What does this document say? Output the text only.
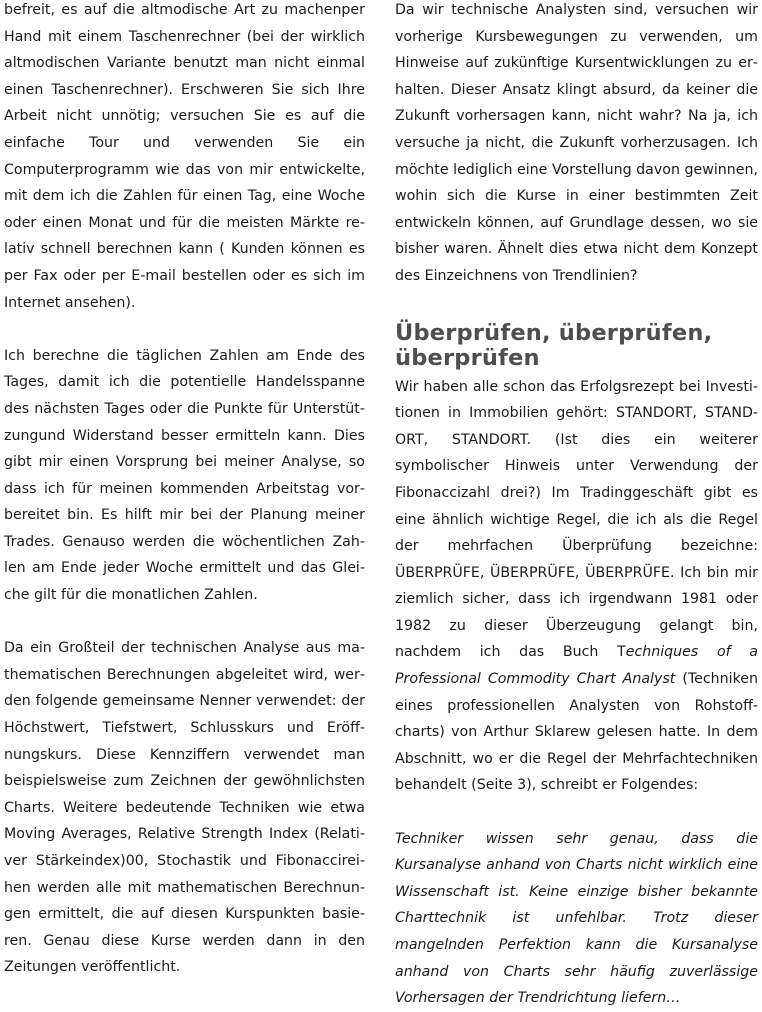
befreit, es auf die altmodische Art zu machenper Hand mit einem Taschenrechner (bei der wirklich altmodischen Variante benutzt man nicht einmal einen Taschenrechner). Erschweren Sie sich Ihre Arbeit nicht unnötig; versuchen Sie es auf die einfache Tour und verwenden Sie ein Computerprogramm wie das von mir entwickelte, mit dem ich die Zahlen für einen Tag, eine Woche oder einen Monat und für die meisten Märkte relativ schnell berechnen kann ( Kunden können es per Fax oder per E-mail bestellen oder es sich im Internet ansehen).

Ich berechne die täglichen Zahlen am Ende des Tages, damit ich die potentielle Handelsspanne des nächsten Tages oder die Punkte für Unterstützungund Widerstand besser ermitteln kann. Dies gibt mir einen Vorsprung bei meiner Analyse, so dass ich für meinen kommenden Arbeitstag vorbereitet bin. Es hilft mir bei der Planung meiner Trades. Genauso werden die wöchentlichen Zahlen am Ende jeder Woche ermittelt und das Gleiche gilt für die monatlichen Zahlen.

Da ein Großteil der technischen Analyse aus mathematischen Berechnungen abgeleitet wird, werden folgende gemeinsame Nenner verwendet: der Höchstwert, Tiefstwert, Schlusskurs und Eröffnungskurs. Diese Kennziffern verwendet man beispielsweise zum Zeichnen der gewöhnlichsten Charts. Weitere bedeutende Techniken wie etwa Moving Averages, Relative Strength Index (Relativer Stärkeindex)00, Stochastik und Fibonaccireihen werden alle mit mathematischen Berechnungen ermittelt, die auf diesen Kurspunkten basieren. Genau diese Kurse werden dann in den Zeitungen veröffentlicht.

Da wir technische Analysten sind, versuchen wir vorherige Kursbewegungen zu verwenden, um Hinweise auf zukünftige Kursentwicklungen zu erhalten. Dieser Ansatz klingt absurd, da keiner die Zukunft vorhersagen kann, nicht wahr? Na ja, ich versuche ja nicht, die Zukunft vorherzusagen. Ich möchte lediglich eine Vorstellung davon gewinnen, wohin sich die Kurse in einer bestimmten Zeit entwickeln können, auf Grundlage dessen, wo sie bisher waren. Ähnelt dies etwa nicht dem Konzept des Einzeichnens von Trendlinien?

Überprüfen, überprüfen, überprüfen

Wir haben alle schon das Erfolgsrezept bei Investitionen in Immobilien gehört: STANDORT, STANDORT, STANDORT. (Ist dies ein weiterer symbolischer Hinweis unter Verwendung der Fibonaccizahl drei?) Im Tradinggeschäft gibt es eine ähnlich wichtige Regel, die ich als die Regel der mehrfachen Überprüfung bezeichne: ÜBERPRÜFE, ÜBERPRÜFE, ÜBERPRÜFE. Ich bin mir ziemlich sicher, dass ich irgendwann 1981 oder 1982 zu dieser Überzeugung gelangt bin, nachdem ich das Buch Techniques of a Professional Commodity Chart Analyst (Techniken eines professionellen Analysten von Rohstoffcharts) von Arthur Sklarew gelesen hatte. In dem Abschnitt, wo er die Regel der Mehrfachtechniken behandelt (Seite 3), schreibt er Folgendes:

Techniker wissen sehr genau, dass die Kursanalyse anhand von Charts nicht wirklich eine Wissenschaft ist. Keine einzige bisher bekannte Charttechnik ist unfehlbar. Trotz dieser mangelnden Perfektion kann die Kursanalyse anhand von Charts sehr häufig zuverlässige Vorhersagen der Trendrichtung liefern…
